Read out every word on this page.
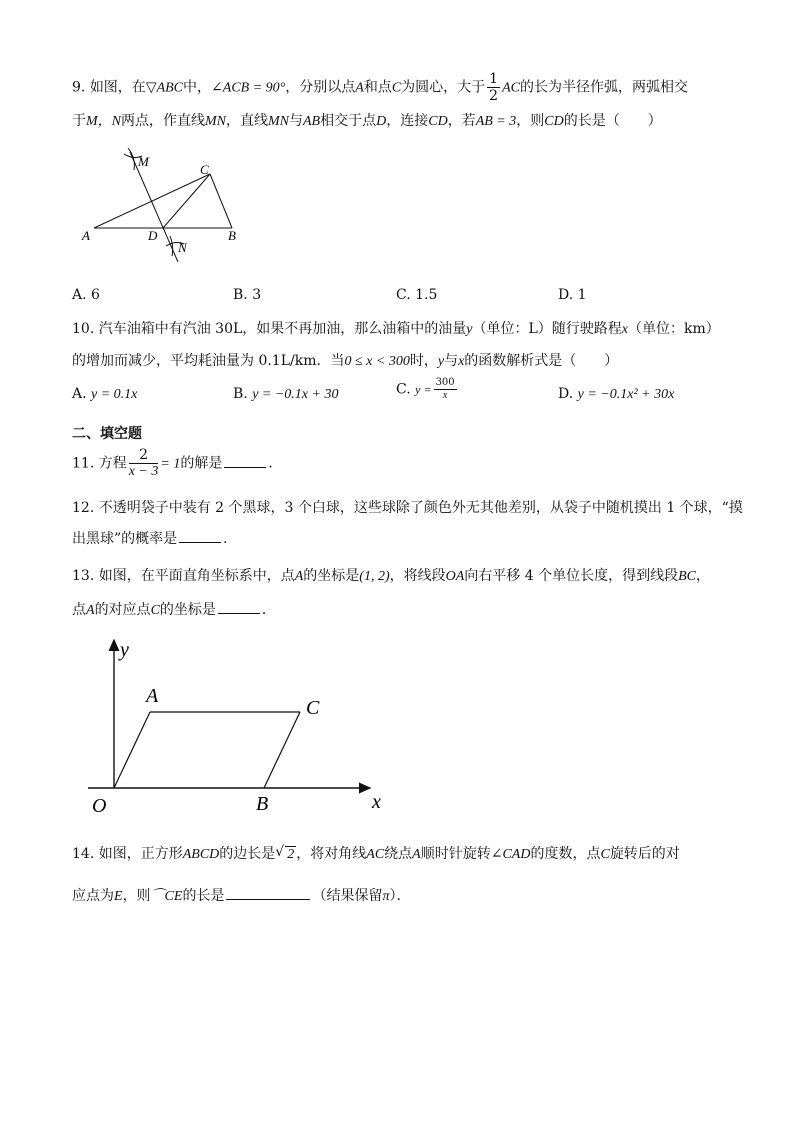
9. 如图，在▽ABC中，∠ACB = 90°，分别以点A和点C为圆心，大于 $\frac{1}{2}$ AC的长为半径作弧，两弧相交
于M，N两点，作直线MN，直线MN与AB相交于点D，连接CD，若AB = 3，则CD的长是（　　）
M
C
A	D
N
B
A. 6	B. 3	C. 1.5	D. 1
10. 汽车油箱中有汽油 30L，如果不再加油，那么油箱中的油量y（单位：L）随行驶路程x（单位：km）
的增加而减少，平均耗油量为 0.1L/km．当0 ≤ x < 300时，y与x的函数解析式是（　　）
A. y = 0.1x	B. y = −0.1x + 30	C. $y = \frac{300}{x}$	D. y = −0.1x² + 30x
二、填空题
11. 方程 $\frac{2}{x - 3} = 1$的解是	．
12. 不透明袋子中装有 2 个黑球，3 个白球，这些球除了颜色外无其他差别，从袋子中随机摸出 1 个球，“摸
出黑球”的概率是	．
13. 如图，在平面直角坐标系中，点A的坐标是(1, 2)，将线段OA向右平移 4 个单位长度，得到线段BC，
点A的对应点C的坐标是	．
y
A
C
O	B	x
14. 如图，正方形ABCD的边长是 √ 2 ，将对角线AC绕点A顺时针旋转∠CAD的度数，点C旋转后的对
应点为E，则⌒CE的长是	（结果保留π）．
